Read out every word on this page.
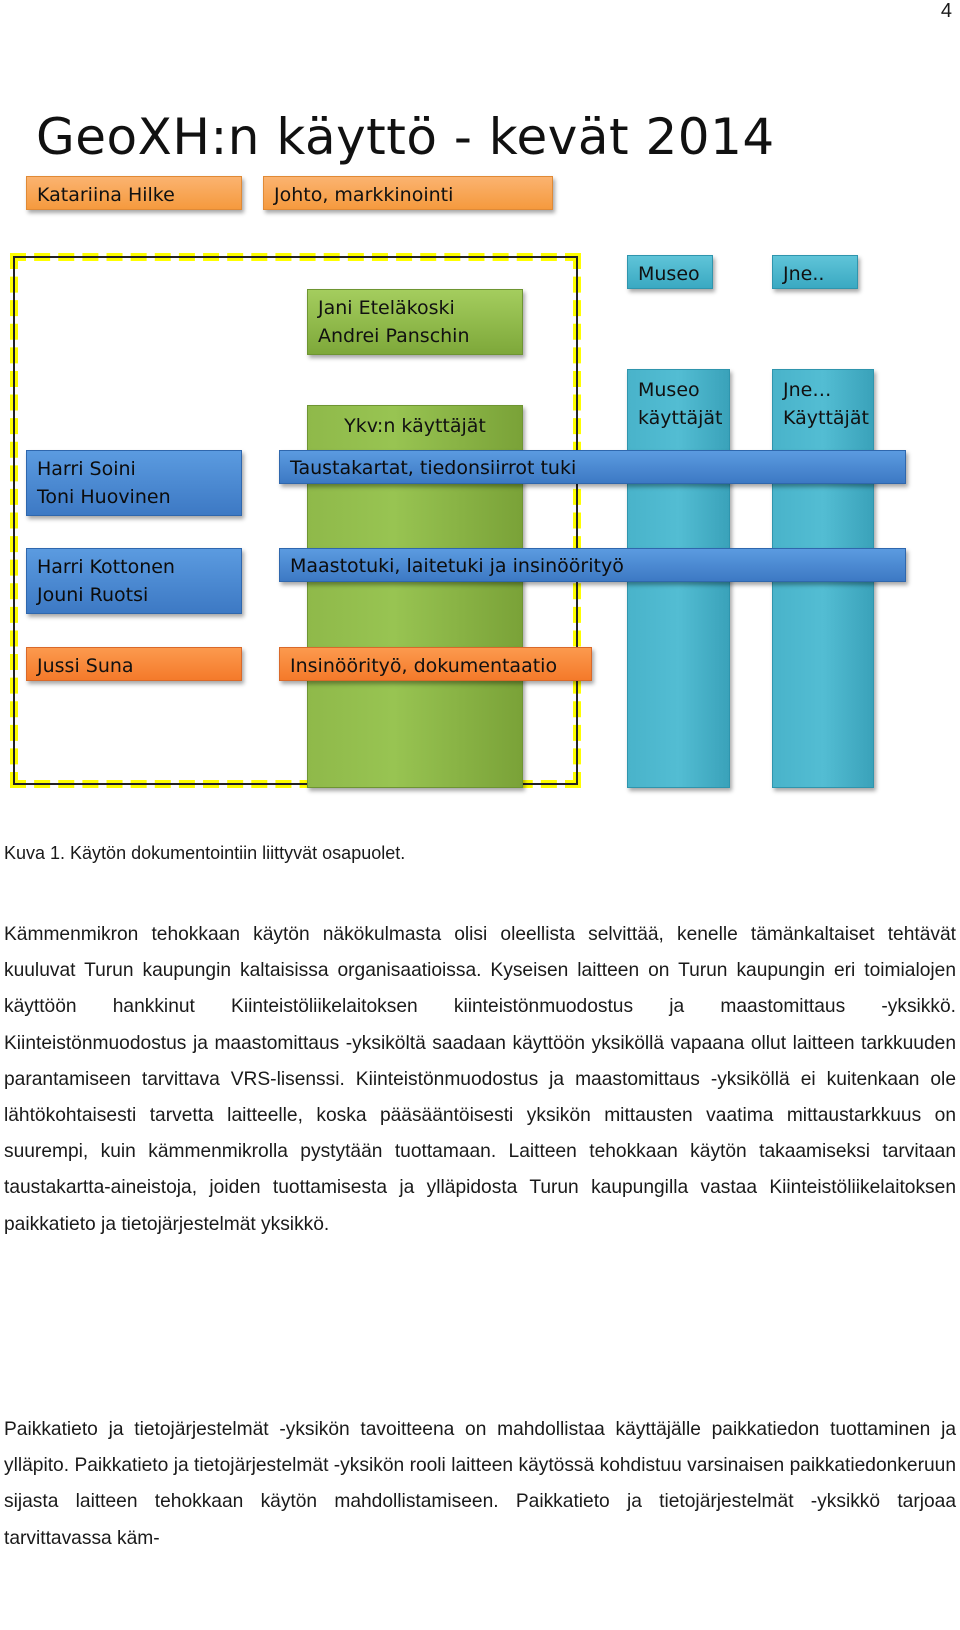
4
GeoXH:n käyttö - kevät 2014
Katariina Hilke	Johto, markkinointi
Museo	Jne..
Jani Eteläkoski
Andrei Panschin
Ykv:n käyttäjät
Museo
käyttäjät
Jne…
Käyttäjät
Harri Soini
Toni Huovinen
Taustakartat, tiedonsiirrot tuki
Harri Kottonen
Jouni Ruotsi
Maastotuki, laitetuki ja insinöörityö
Jussi Suna	Insinöörityö, dokumentaatio
Kuva 1. Käytön dokumentointiin liittyvät osapuolet.

Kämmenmikron tehokkaan käytön näkökulmasta olisi oleellista selvittää, kenelle tämänkaltaiset tehtävät kuuluvat Turun kaupungin kaltaisissa organisaatioissa. Kyseisen laitteen on Turun kaupungin eri toimialojen käyttöön hankkinut Kiinteistöliikelaitoksen kiinteistönmuodostus ja maastomittaus -yksikkö. Kiinteistönmuodostus ja maastomittaus -yksiköltä saadaan käyttöön yksiköllä vapaana ollut laitteen tarkkuuden parantamiseen tarvittava VRS-lisenssi. Kiinteistönmuodostus ja maastomittaus -yksiköllä ei kuitenkaan ole lähtökohtaisesti tarvetta laitteelle, koska pääsääntöisesti yksikön mittausten vaatima mittaustarkkuus on suurempi, kuin kämmenmikrolla pystytään tuottamaan. Laitteen tehokkaan käytön takaamiseksi tarvitaan taustakartta-aineistoja, joiden tuottamisesta ja ylläpidosta Turun kaupungilla vastaa Kiinteistöliikelaitoksen paikkatieto ja tietojärjestelmät yksikkö.

Paikkatieto ja tietojärjestelmät -yksikön tavoitteena on mahdollistaa käyttäjälle paikkatiedon tuottaminen ja ylläpito. Paikkatieto ja tietojärjestelmät -yksikön rooli laitteen käytössä kohdistuu varsinaisen paikkatiedonkeruun sijasta laitteen tehokkaan käytön mahdollistamiseen. Paikkatieto ja tietojärjestelmät -yksikkö tarjoaa tarvittavassa käm-
